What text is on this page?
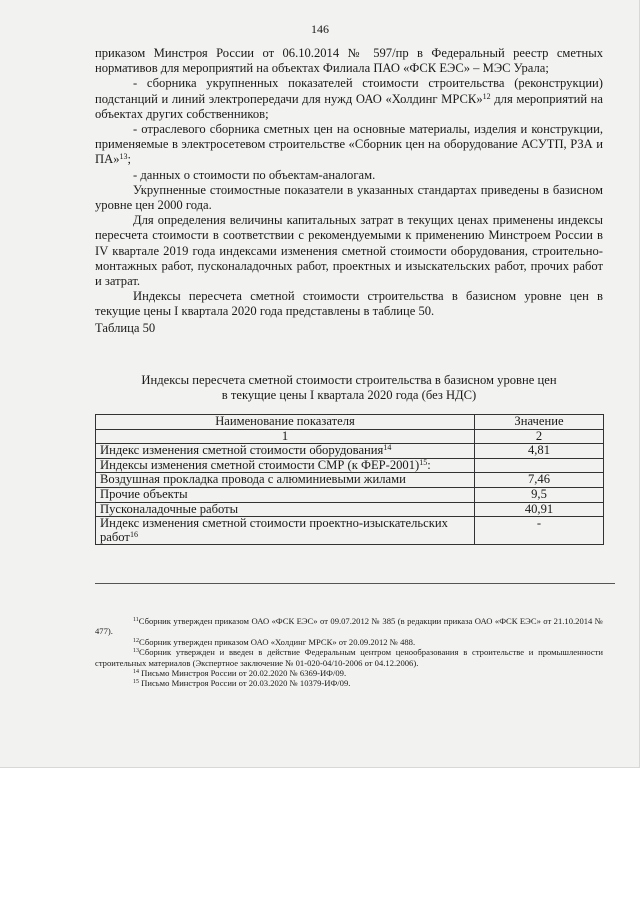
146

приказом Минстроя России от 06.10.2014 № 597/пр в Федеральный реестр сметных нормативов для мероприятий на объектах Филиала ПАО «ФСК ЕЭС» – МЭС Урала;

- сборника укрупненных показателей стоимости строительства (реконструкции) подстанций и линий электропередачи для нужд ОАО «Холдинг МРСК»$^{12}$ для мероприятий на объектах других собственников;

- отраслевого сборника сметных цен на основные материалы, изделия и конструкции, применяемые в электросетевом строительстве «Сборник цен на оборудование АСУТП, РЗА и ПА»$^{13}$;

- данных о стоимости по объектам-аналогам.

Укрупненные стоимостные показатели в указанных стандартах приведены в базисном уровне цен 2000 года.

Для определения величины капитальных затрат в текущих ценах применены индексы пересчета стоимости в соответствии с рекомендуемыми к применению Минстроем России в IV квартале 2019 года индексами изменения сметной стоимости оборудования, строительно-монтажных работ, пусконаладочных работ, проектных и изыскательских работ, прочих работ и затрат.

Индексы пересчета сметной стоимости строительства в базисном уровне цен в текущие цены I квартала 2020 года представлены в таблице 50.

Таблица 50

Индексы пересчета сметной стоимости строительства в базисном уровне цен
в текущие цены I квартала 2020 года (без НДС)
Наименование показателя	Значение
1	2
Индекс изменения сметной стоимости оборудования$^{14}$	4,81
Индексы изменения сметной стоимости СМР (к ФЕР-2001)$^{15}$:	
Воздушная прокладка провода с алюминиевыми жилами	7,46
Прочие объекты	9,5
Пусконаладочные работы	40,91
Индекс изменения сметной стоимости проектно-изыскательских работ$^{16}$	-

$^{11}$Сборник утвержден приказом ОАО «ФСК ЕЭС» от 09.07.2012 № 385 (в редакции приказа ОАО «ФСК ЕЭС» от 21.10.2014 № 477).

$^{12}$Сборник утвержден приказом ОАО «Холдинг МРСК» от 20.09.2012 № 488.

$^{13}$Сборник утвержден и введен в действие Федеральным центром ценообразования в строительстве и промышленности строительных материалов (Экспертное заключение № 01-020-04/10-2006 от 04.12.2006).

$^{14}$ Письмо Минстроя России от 20.02.2020 № 6369-ИФ/09.

$^{15}$ Письмо Минстроя России от 20.03.2020 № 10379-ИФ/09.
